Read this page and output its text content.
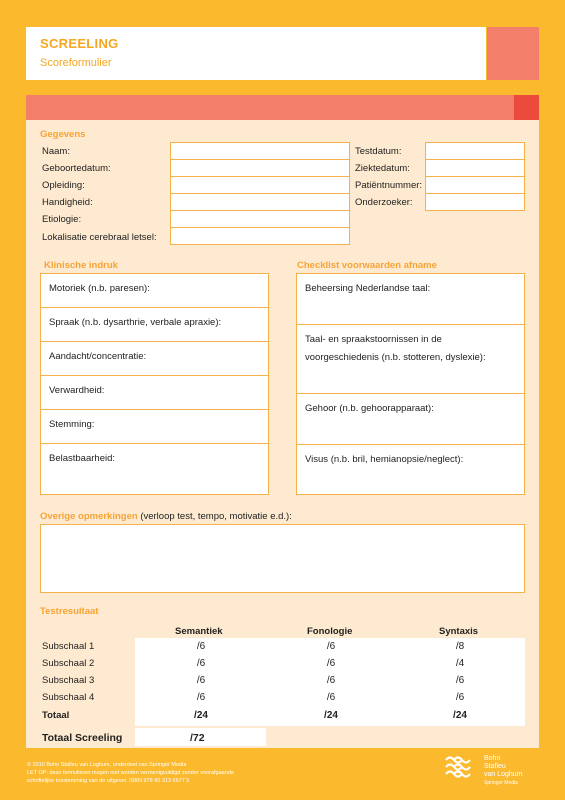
SCREELING
Scoreformulier
Gegevens
Naam:
Geboortedatum:
Opleiding:
Handigheid:
Etiologie:
Lokalisatie cerebraal letsel:
Testdatum:
Ziektedatum:
Patiëntnummer:
Onderzoeker:
Klinische indruk
Motoriek (n.b. paresen):
Spraak (n.b. dysarthrie, verbale apraxie):
Aandacht/concentratie:
Verwardheid:
Stemming:
Belastbaarheid:
Checklist voorwaarden afname
Beheersing Nederlandse taal:
Taal- en spraakstoornissen in de
voorgeschiedenis (n.b. stotteren, dyslexie):
Gehoor (n.b. gehoorapparaat):
Visus (n.b. bril, hemianopsie/neglect):
Overige opmerkingen (verloop test, tempo, motivatie e.d.):
Testresultaat
Semantiek	Fonologie	Syntaxis
Subschaal 1	/6	/6	/8
Subschaal 2	/6	/6	/4
Subschaal 3	/6	/6	/6
Subschaal 4	/6	/6	/6
Totaal	/24	/24	/24
Totaal Screeling	/72
© 2010 Bohn Stafleu van Loghum, onderdeel van Springer Media
LET OP: deze formulieren mogen niet worden vermenigvuldigd zonder voorafgaande
schriftelijke toestemming van de uitgever. ISBN 978 90 313 6677 5
Bohn
Stafleu
van Loghum
Springer Media
